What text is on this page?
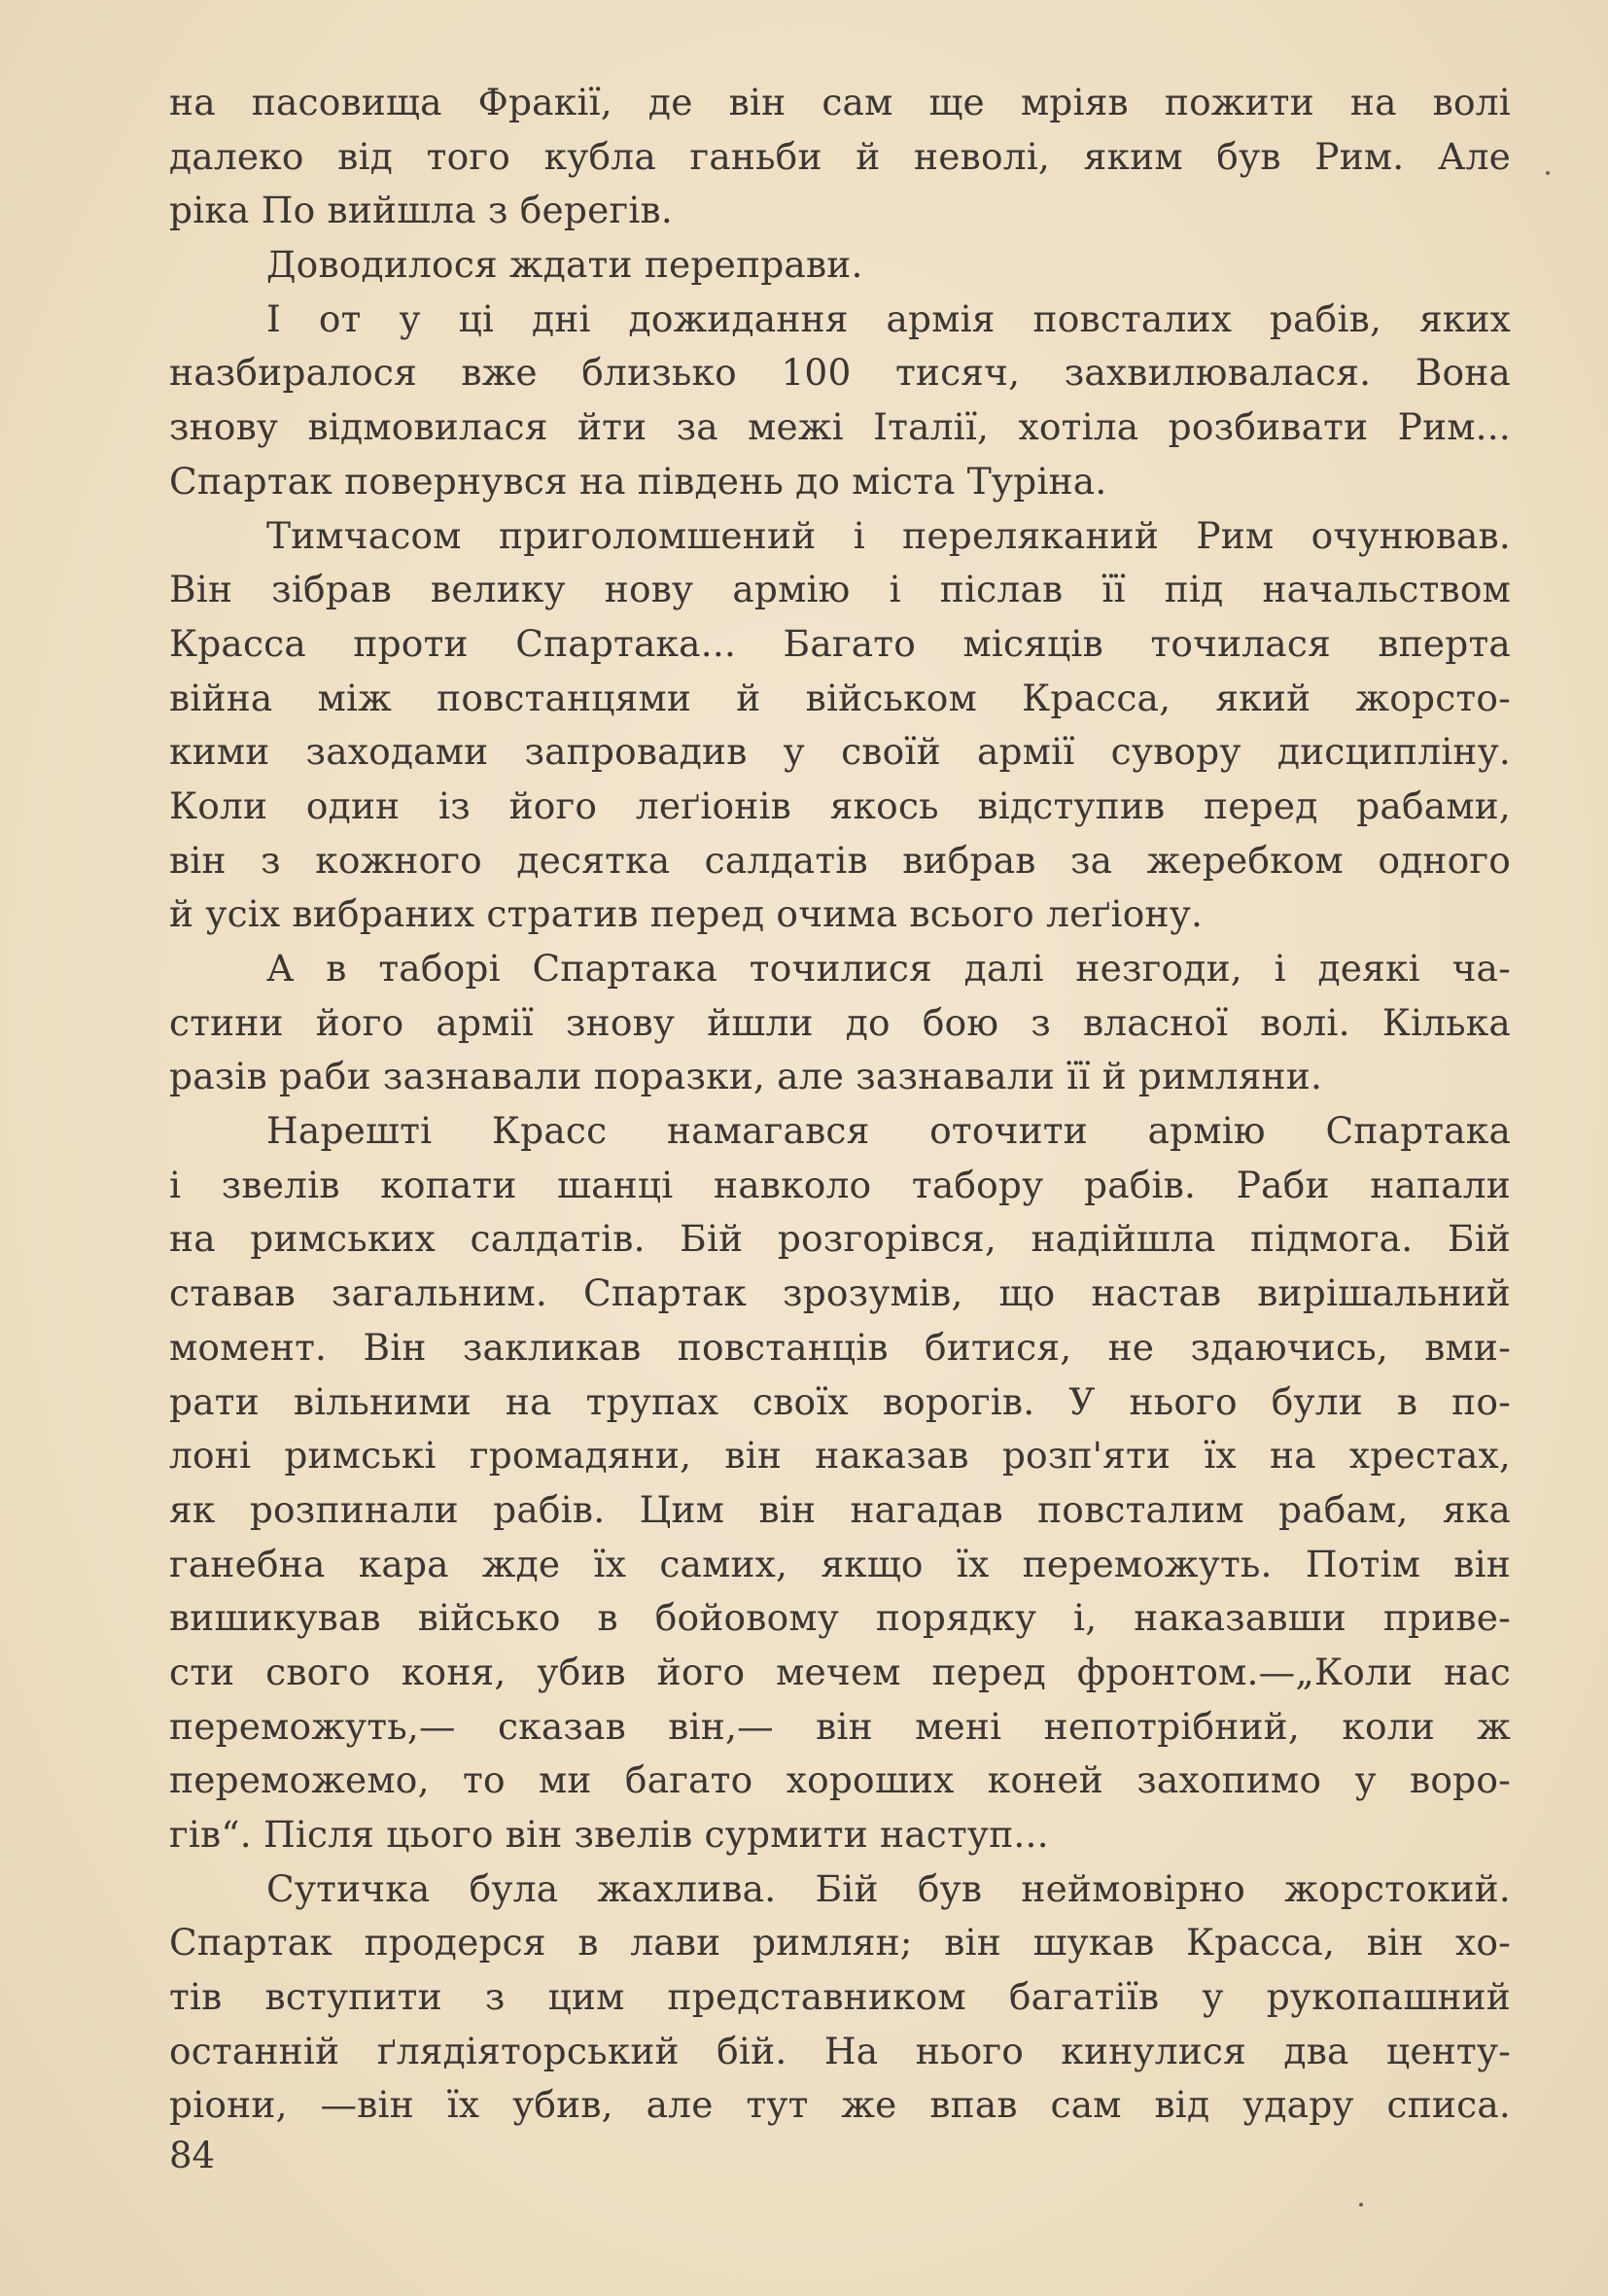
на пасовища Фракії, де він сам ще мріяв пожити на волі
далеко від того кубла ганьби й неволі, яким був Рим. Але
ріка По вийшла з берегів.
Доводилося ждати переправи.
І от у ці дні дожидання армія повсталих рабів, яких
назбиралося вже близько 100 тисяч, захвилювалася. Вона
знову відмовилася йти за межі Італії, хотіла розбивати Рим...
Спартак повернувся на південь до міста Туріна.
Тимчасом приголомшений і переляканий Рим очунював.
Він зібрав велику нову армію і післав її під начальством
Красса проти Спартака... Багато місяців точилася вперта
війна між повстанцями й військом Красса, який жорсто-
кими заходами запровадив у своїй армії сувору дисципліну.
Коли один із його леґіонів якось відступив перед рабами,
він з кожного десятка салдатів вибрав за жеребком одного
й усіх вибраних стратив перед очима всього леґіону.
А в таборі Спартака точилися далі незгоди, і деякі ча-
стини його армії знову йшли до бою з власної волі. Кілька
разів раби зазнавали поразки, але зазнавали її й римляни.
Нарешті Красс намагався оточити армію Спартака
і звелів копати шанці навколо табору рабів. Раби напали
на римських салдатів. Бій розгорівся, надійшла підмога. Бій
ставав загальним. Спартак зрозумів, що настав вирішальний
момент. Він закликав повстанців битися, не здаючись, вми-
рати вільними на трупах своїх ворогів. У нього були в по-
лоні римські громадяни, він наказав розп'яти їх на хрестах,
як розпинали рабів. Цим він нагадав повсталим рабам, яка
ганебна кара жде їх самих, якщо їх переможуть. Потім він
вишикував військо в бойовому порядку і, наказавши приве-
сти свого коня, убив його мечем перед фронтом.—„Коли нас
переможуть,— сказав він,— він мені непотрібний, коли ж
переможемо, то ми багато хороших коней захопимо у воро-
гів“. Після цього він звелів сурмити наступ...
Сутичка була жахлива. Бій був неймовірно жорстокий.
Спартак продерся в лави римлян; він шукав Красса, він хо-
тів вступити з цим представником багатіїв у рукопашний
останній ґлядіяторський бій. На нього кинулися два центу-
ріони, —він їх убив, але тут же впав сам від удару списа.
84
